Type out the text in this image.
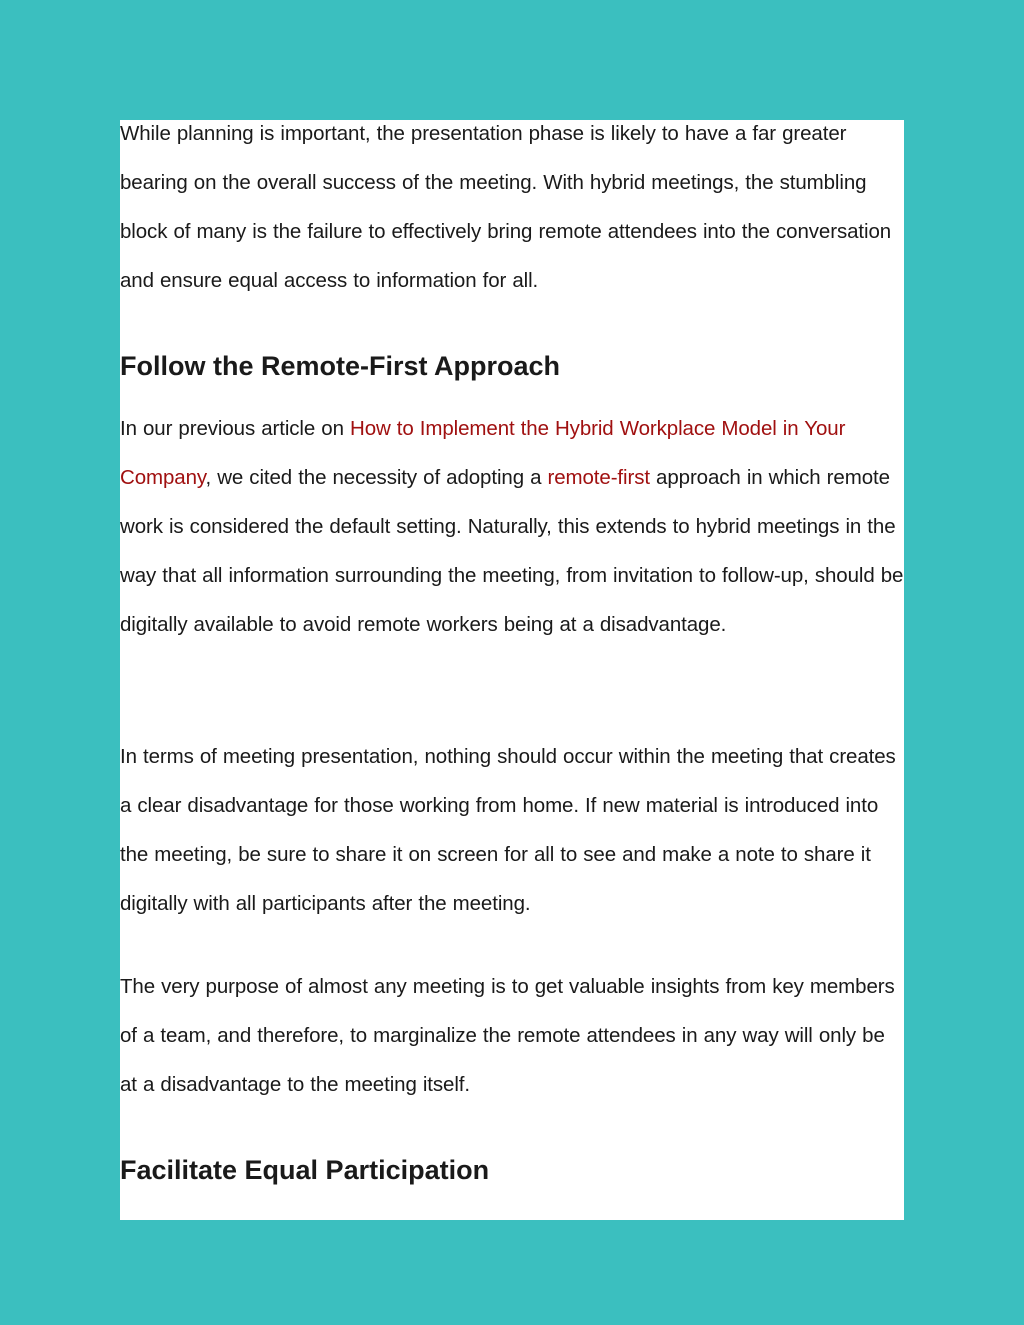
While planning is important, the presentation phase is likely to have a far greater bearing on the overall success of the meeting. With hybrid meetings, the stumbling block of many is the failure to effectively bring remote attendees into the conversation and ensure equal access to information for all.

Follow the Remote-First Approach

In our previous article on How to Implement the Hybrid Workplace Model in Your Company, we cited the necessity of adopting a remote-first approach in which remote work is considered the default setting. Naturally, this extends to hybrid meetings in the way that all information surrounding the meeting, from invitation to follow-up, should be digitally available to avoid remote workers being at a disadvantage.

In terms of meeting presentation, nothing should occur within the meeting that creates a clear disadvantage for those working from home. If new material is introduced into the meeting, be sure to share it on screen for all to see and make a note to share it digitally with all participants after the meeting.

The very purpose of almost any meeting is to get valuable insights from key members of a team, and therefore, to marginalize the remote attendees in any way will only be at a disadvantage to the meeting itself.

Facilitate Equal Participation
